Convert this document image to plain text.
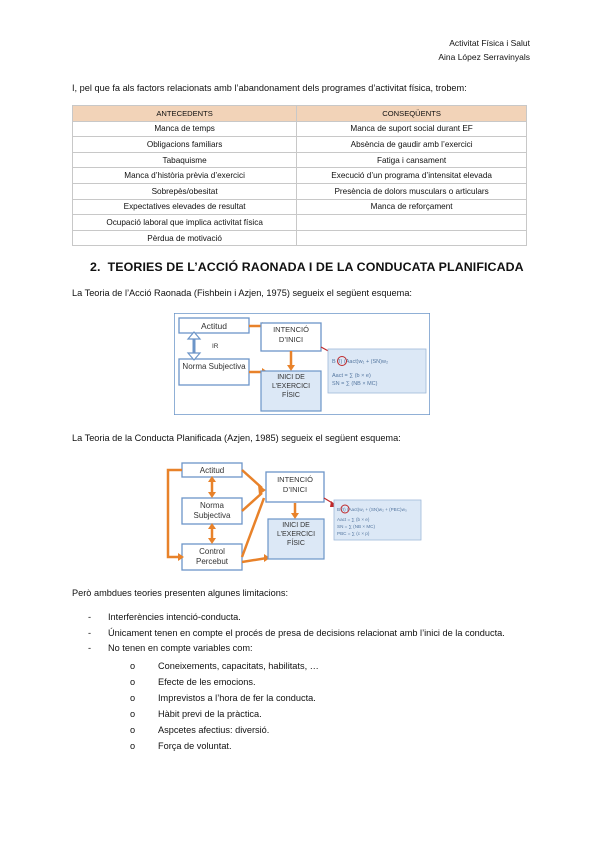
Activitat Física i Salut
Aina López Serravinyals
I, pel que fa als factors relacionats amb l’abandonament dels programes d’activitat física, trobem:
ANTECEDENTS	CONSEQÜENTS
Manca de temps	Manca de suport social durant EF
Obligacions familiars	Absència de gaudir amb l’exercici
Tabaquisme	Fatiga i cansament
Manca d’història prèvia d’exercici	Execució d’un programa d’intensitat elevada
Sobrepès/obesitat	Presència de dolors musculars o articulars
Expectatives elevades de resultat	Manca de reforçament
Ocupació laboral que implica activitat física	
Pèrdua de motivació	
2. TEORIES DE L’ACCIÓ RAONADA I DE LA CONDUCATA PLANIFICADA
La Teoria de l’Acció Raonada (Fishbein i Azjen, 1975) segueix el següent esquema:
Actitud
Norma Subjectiva
IR
INTENCIÓ D’INICI
INICI DE L’EXERCICI FÍSIC
B (I) (Aact)w₁ + (SN)w₂
Aact = ∑ (b × e)
SN = ∑ (NB × MC)
La Teoria de la Conducta Planificada (Azjen, 1985) segueix el següent esquema:
Actitud
Norma Subjectiva
Control Percebut
INTENCIÓ D’INICI
INICI DE L’EXERCICI FÍSIC
B (I) (Aact)w₁ + (SN)w₂ + (PBC)w₃
Aact = ∑ (b × e)
SN = ∑ (NB × MC)
PBC = ∑ (c × p)
Però ambdues teories presenten algunes limitacions:
- Interferències intenció-conducta.
- Únicament tenen en compte el procés de presa de decisions relacionat amb l’inici de la conducta.
- No tenen en compte variables com:
o Coneixements, capacitats, habilitats, …
o Efecte de les emocions.
o Imprevistos a l’hora de fer la conducta.
o Hàbit previ de la pràctica.
o Aspcetes afectius: diversió.
o Força de voluntat.
